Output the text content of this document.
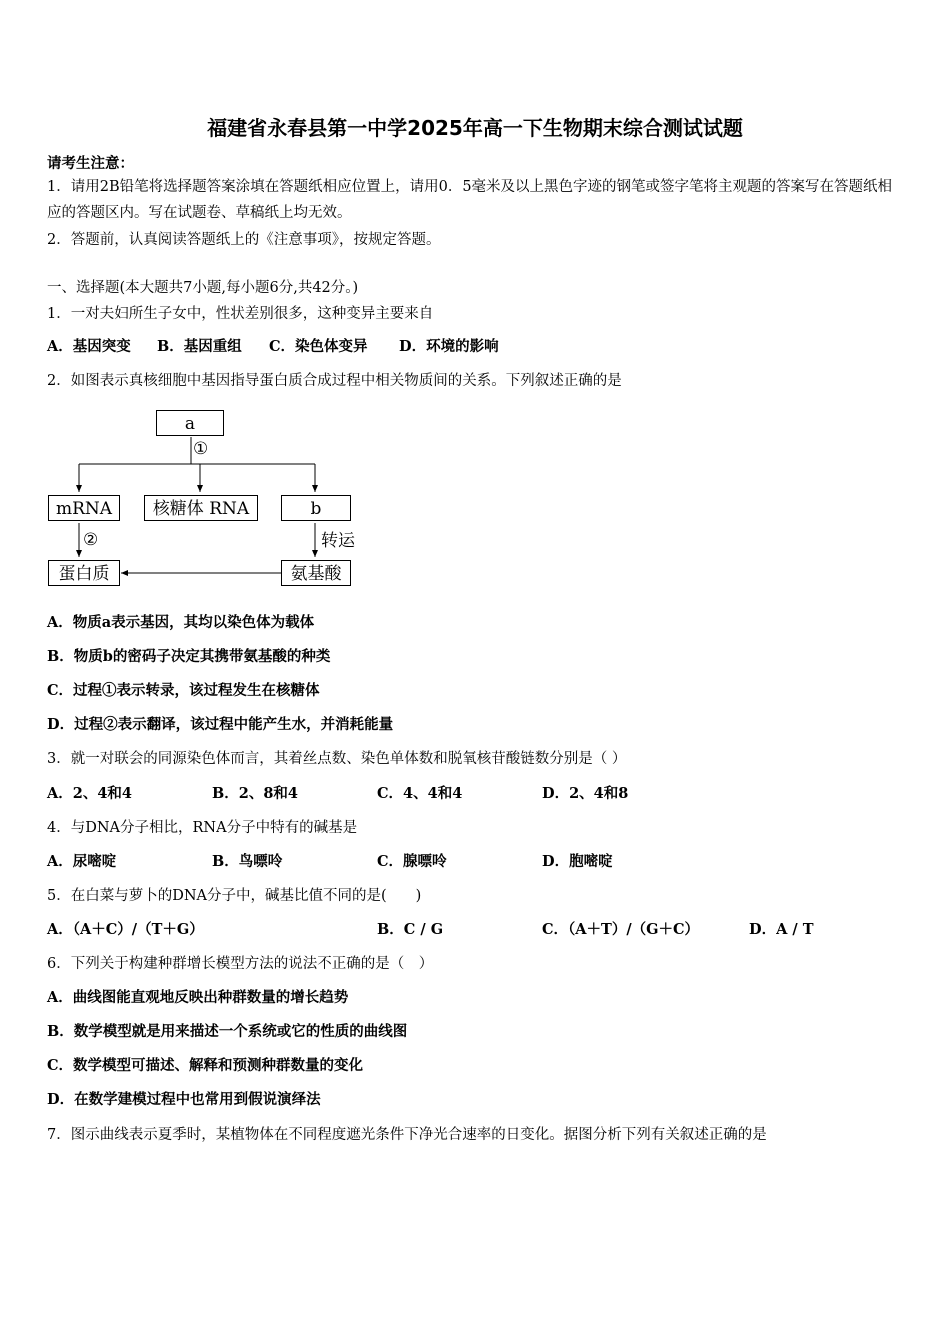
福建省永春县第一中学2025年高一下生物期末综合测试试题
请考生注意：
1．请用2B铅笔将选择题答案涂填在答题纸相应位置上，请用0．5毫米及以上黑色字迹的钢笔或签字笔将主观题的答案写在答题纸相应的答题区内。写在试题卷、草稿纸上均无效。
2．答题前，认真阅读答题纸上的《注意事项》，按规定答题。
一、选择题(本大题共7小题,每小题6分,共42分。)
1．一对夫妇所生子女中，性状差别很多，这种变异主要来自
A．基因突变 B．基因重组 C．染色体变异 D．环境的影响
2．如图表示真核细胞中基因指导蛋白质合成过程中相关物质间的关系。下列叙述正确的是
a
①
mRNA	核糖体 RNA	b
②	转运
蛋白质	氨基酸
A．物质a表示基因，其均以染色体为载体
B．物质b的密码子决定其携带氨基酸的种类
C．过程①表示转录，该过程发生在核糖体
D．过程②表示翻译，该过程中能产生水，并消耗能量
3．就一对联会的同源染色体而言，其着丝点数、染色单体数和脱氧核苷酸链数分别是（ ）
A．2、4和4	B．2、8和4	C．4、4和4	D．2、4和8
4．与DNA分子相比，RNA分子中特有的碱基是
A．尿嘧啶	B．鸟嘌呤	C．腺嘌呤	D．胞嘧啶
5．在白菜与萝卜的DNA分子中，碱基比值不同的是(　　)
A．（A＋C）/（T＋G）	B．C / G	C．（A＋T）/（G＋C）	D．A / T
6．下列关于构建种群增长模型方法的说法不正确的是（　）
A．曲线图能直观地反映出种群数量的增长趋势
B．数学模型就是用来描述一个系统或它的性质的曲线图
C．数学模型可描述、解释和预测种群数量的变化
D．在数学建模过程中也常用到假说演绎法
7．图示曲线表示夏季时，某植物体在不同程度遮光条件下净光合速率的日变化。据图分析下列有关叙述正确的是
